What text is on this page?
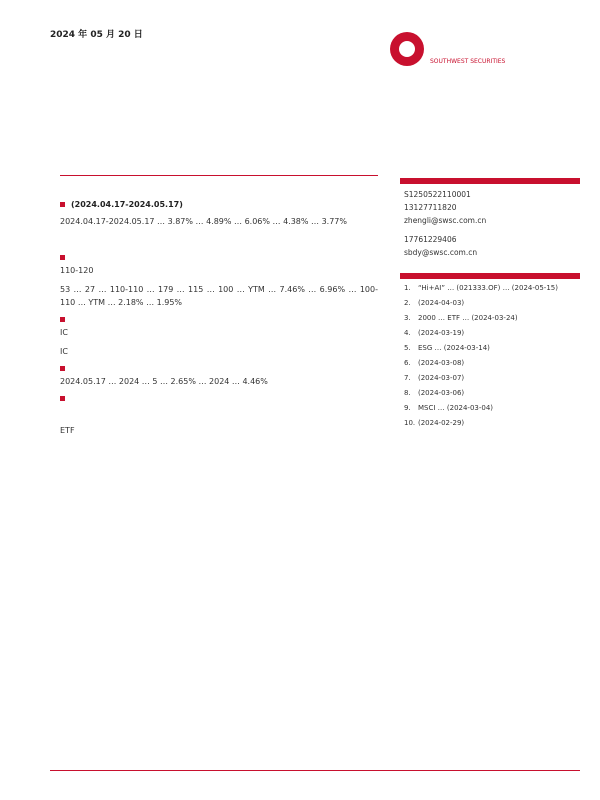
2024 年 05 月 20 日
SOUTHWEST SECURITIES
(2024.04.17-2024.05.17)

2024.04.17-2024.05.17 … 3.87% … 4.89% … 6.06% … 4.38% … 3.77%

110-120

53 … 27 … 110-110 … 179 … 115 … 100 … YTM … 7.46% … 6.96% … 100-110 … YTM … 2.18% … 1.95%

IC

IC

2024.05.17 … 2024 … 5 … 2.65% … 2024 … 4.46%

ETF

S1250522110001
13127711820
zhengli@swsc.com.cn
17761229406
sbdy@swsc.com.cn
1. “Hi+AI” … (021333.OF) … (2024-05-15)
2. (2024-04-03)
3. 2000 … ETF … (2024-03-24)
4. (2024-03-19)
5. ESG … (2024-03-14)
6. (2024-03-08)
7. (2024-03-07)
8. (2024-03-06)
9. MSCI … (2024-03-04)
10. (2024-02-29)
